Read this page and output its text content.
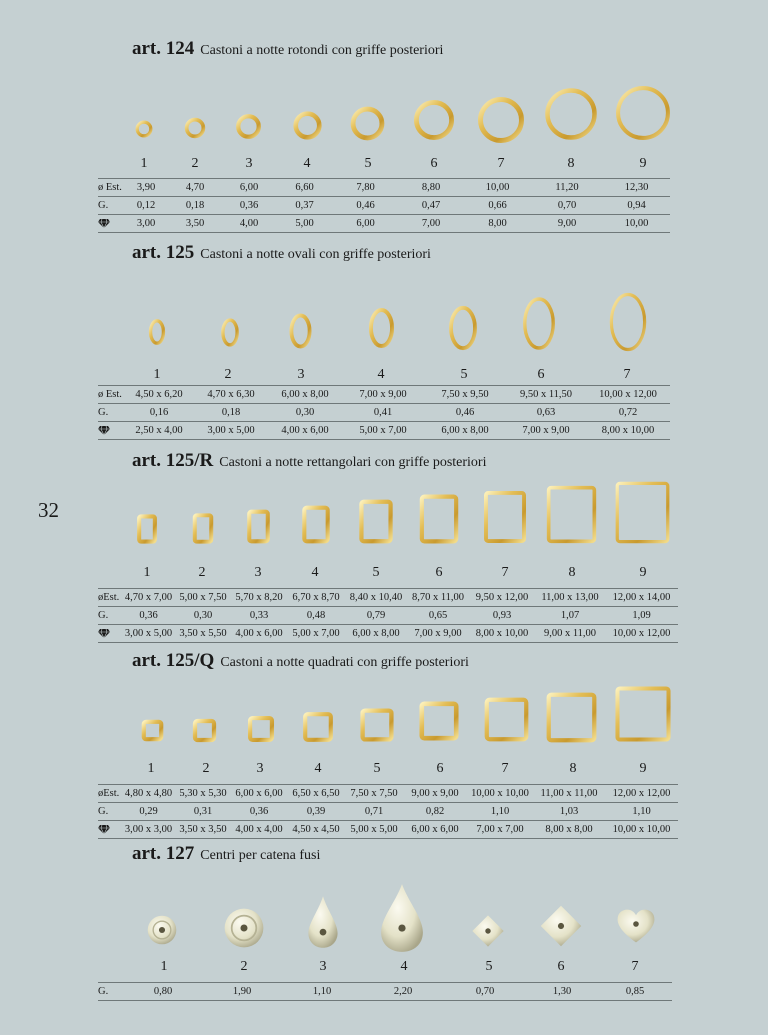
32
art. 124 Castoni a notte rotondi con griffe posteriori
1	2	3	4	5	6	7	8	9
ø Est.	3,90	4,70	6,00	6,60	7,80	8,80	10,00	11,20	12,30
G.	0,12	0,18	0,36	0,37	0,46	0,47	0,66	0,70	0,94

	3,00	3,50	4,00	5,00	6,00	7,00	8,00	9,00	10,00
art. 125 Castoni a notte ovali con griffe posteriori
1	2	3	4	5	6	7
ø Est.	4,50 x 6,20	4,70 x 6,30	6,00 x 8,00	7,00 x 9,00	7,50 x 9,50	9,50 x 11,50	10,00 x 12,00
G.	0,16	0,18	0,30	0,41	0,46	0,63	0,72

	2,50 x 4,00	3,00 x 5,00	4,00 x 6,00	5,00 x 7,00	6,00 x 8,00	7,00 x 9,00	8,00 x 10,00
art. 125/R Castoni a notte rettangolari con griffe posteriori
1	2	3	4	5	6	7	8	9
øEst.	4,70 x 7,00	5,00 x 7,50	5,70 x 8,20	6,70 x 8,70	8,40 x 10,40	8,70 x 11,00	9,50 x 12,00	11,00 x 13,00	12,00 x 14,00
G.	0,36	0,30	0,33	0,48	0,79	0,65	0,93	1,07	1,09

	3,00 x 5,00	3,50 x 5,50	4,00 x 6,00	5,00 x 7,00	6,00 x 8,00	7,00 x 9,00	8,00 x 10,00	9,00 x 11,00	10,00 x 12,00
art. 125/Q Castoni a notte quadrati con griffe posteriori
1	2	3	4	5	6	7	8	9
øEst.	4,80 x 4,80	5,30 x 5,30	6,00 x 6,00	6,50 x 6,50	7,50 x 7,50	9,00 x 9,00	10,00 x 10,00	11,00 x 11,00	12,00 x 12,00
G.	0,29	0,31	0,36	0,39	0,71	0,82	1,10	1,03	1,10

	3,00 x 3,00	3,50 x 3,50	4,00 x 4,00	4,50 x 4,50	5,00 x 5,00	6,00 x 6,00	7,00 x 7,00	8,00 x 8,00	10,00 x 10,00
art. 127 Centri per catena fusi
1	2	3	4	5	6	7
G.	0,80	1,90	1,10	2,20	0,70	1,30	0,85
